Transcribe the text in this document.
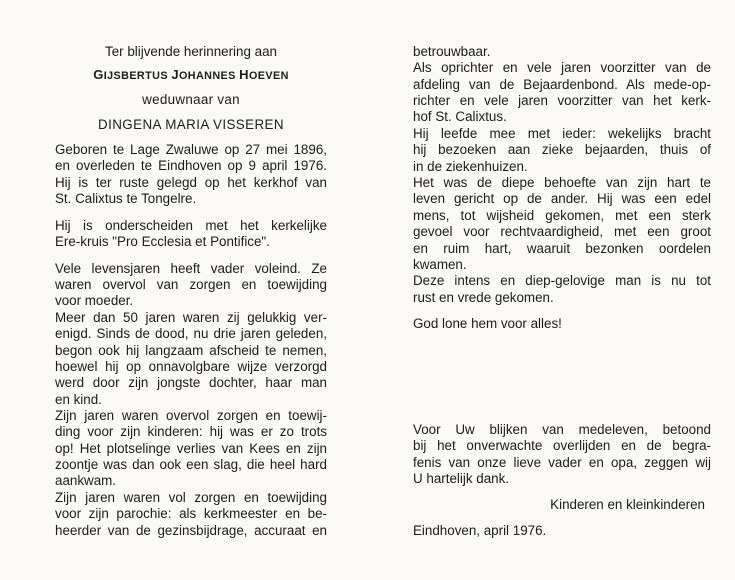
Ter blijvende herinnering aan
GIJSBERTUS JOHANNES HOEVEN
weduwnaar van
DINGENA MARIA VISSEREN
Geboren te Lage Zwaluwe op 27 mei 1896,
en overleden te Eindhoven op 9 april 1976.
Hij is ter ruste gelegd op het kerkhof van
St. Calixtus te Tongelre.
Hij is onderscheiden met het kerkelijke
Ere-kruis "Pro Ecclesia et Pontifice".
Vele levensjaren heeft vader voleind. Ze
waren overvol van zorgen en toewijding
voor moeder.
Meer dan 50 jaren waren zij gelukkig ver-
enigd. Sinds de dood, nu drie jaren geleden,
begon ook hij langzaam afscheid te nemen,
hoewel hij op onnavolgbare wijze verzorgd
werd door zijn jongste dochter, haar man
en kind.
Zijn jaren waren overvol zorgen en toewij-
ding voor zijn kinderen: hij was er zo trots
op! Het plotselinge verlies van Kees en zijn
zoontje was dan ook een slag, die heel hard
aankwam.
Zijn jaren waren vol zorgen en toewijding
voor zijn parochie: als kerkmeester en be-
heerder van de gezinsbijdrage, accuraat en
betrouwbaar.
Als oprichter en vele jaren voorzitter van de
afdeling van de Bejaardenbond. Als mede-op-
richter en vele jaren voorzitter van het kerk-
hof St. Calixtus.
Hij leefde mee met ieder: wekelijks bracht
hij bezoeken aan zieke bejaarden, thuis of
in de ziekenhuizen.
Het was de diepe behoefte van zijn hart te
leven gericht op de ander. Hij was een edel
mens, tot wijsheid gekomen, met een sterk
gevoel voor rechtvaardigheid, met een groot
en ruim hart, waaruit bezonken oordelen
kwamen.
Deze intens en diep-gelovige man is nu tot
rust en vrede gekomen.
God lone hem voor alles!
Voor Uw blijken van medeleven, betoond
bij het onverwachte overlijden en de begra-
fenis van onze lieve vader en opa, zeggen wij
U hartelijk dank.
Kinderen en kleinkinderen
Eindhoven, april 1976.
